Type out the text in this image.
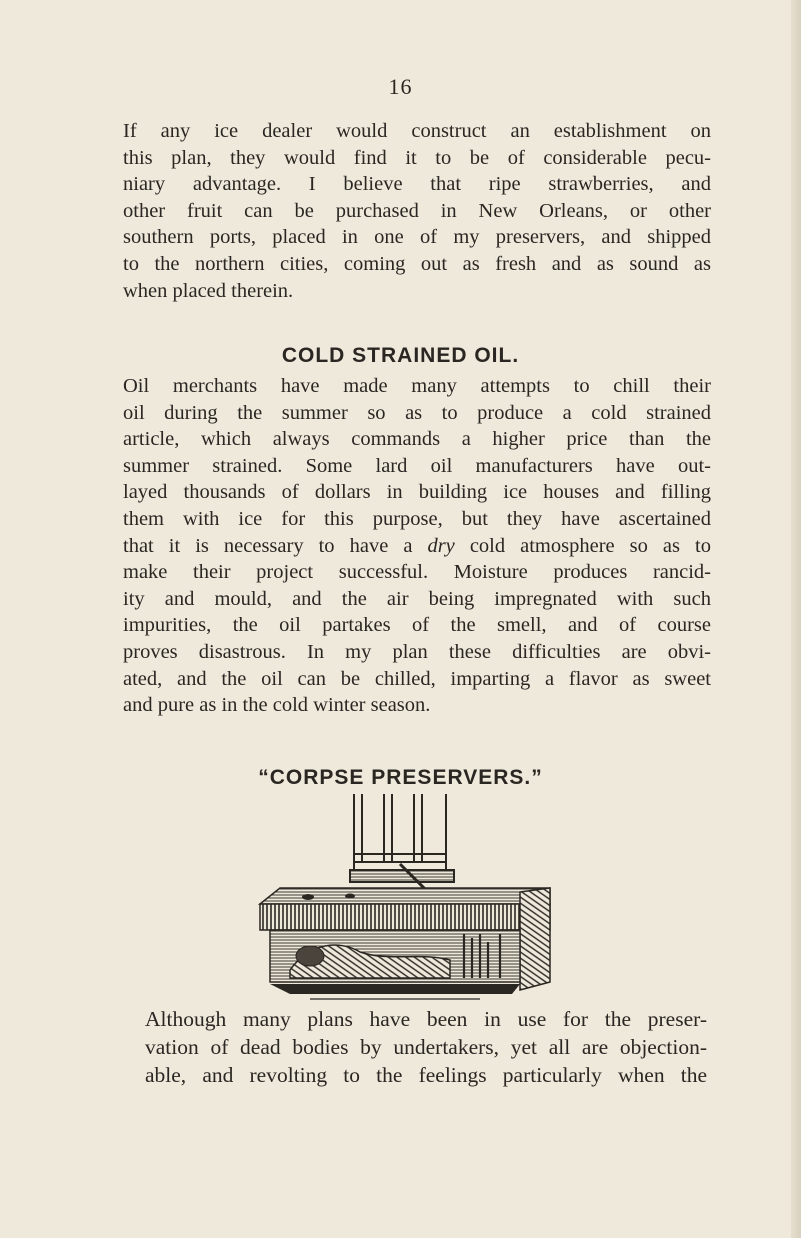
16
If any ice dealer would construct an establishment on
this plan, they would find it to be of considerable pecu-
niary advantage. I believe that ripe strawberries, and
other fruit can be purchased in New Orleans, or other
southern ports, placed in one of my preservers, and shipped
to the northern cities, coming out as fresh and as sound as
when placed therein.
COLD STRAINED OIL.
Oil merchants have made many attempts to chill their
oil during the summer so as to produce a cold strained
article, which always commands a higher price than the
summer strained. Some lard oil manufacturers have out-
layed thousands of dollars in building ice houses and filling
them with ice for this purpose, but they have ascertained
that it is necessary to have a dry cold atmosphere so as to
make their project successful. Moisture produces rancid-
ity and mould, and the air being impregnated with such
impurities, the oil partakes of the smell, and of course
proves disastrous. In my plan these difficulties are obvi-
ated, and the oil can be chilled, imparting a flavor as sweet
and pure as in the cold winter season.
“CORPSE PRESERVERS.”
Although many plans have been in use for the preser-
vation of dead bodies by undertakers, yet all are objection-
able, and revolting to the feelings particularly when the
